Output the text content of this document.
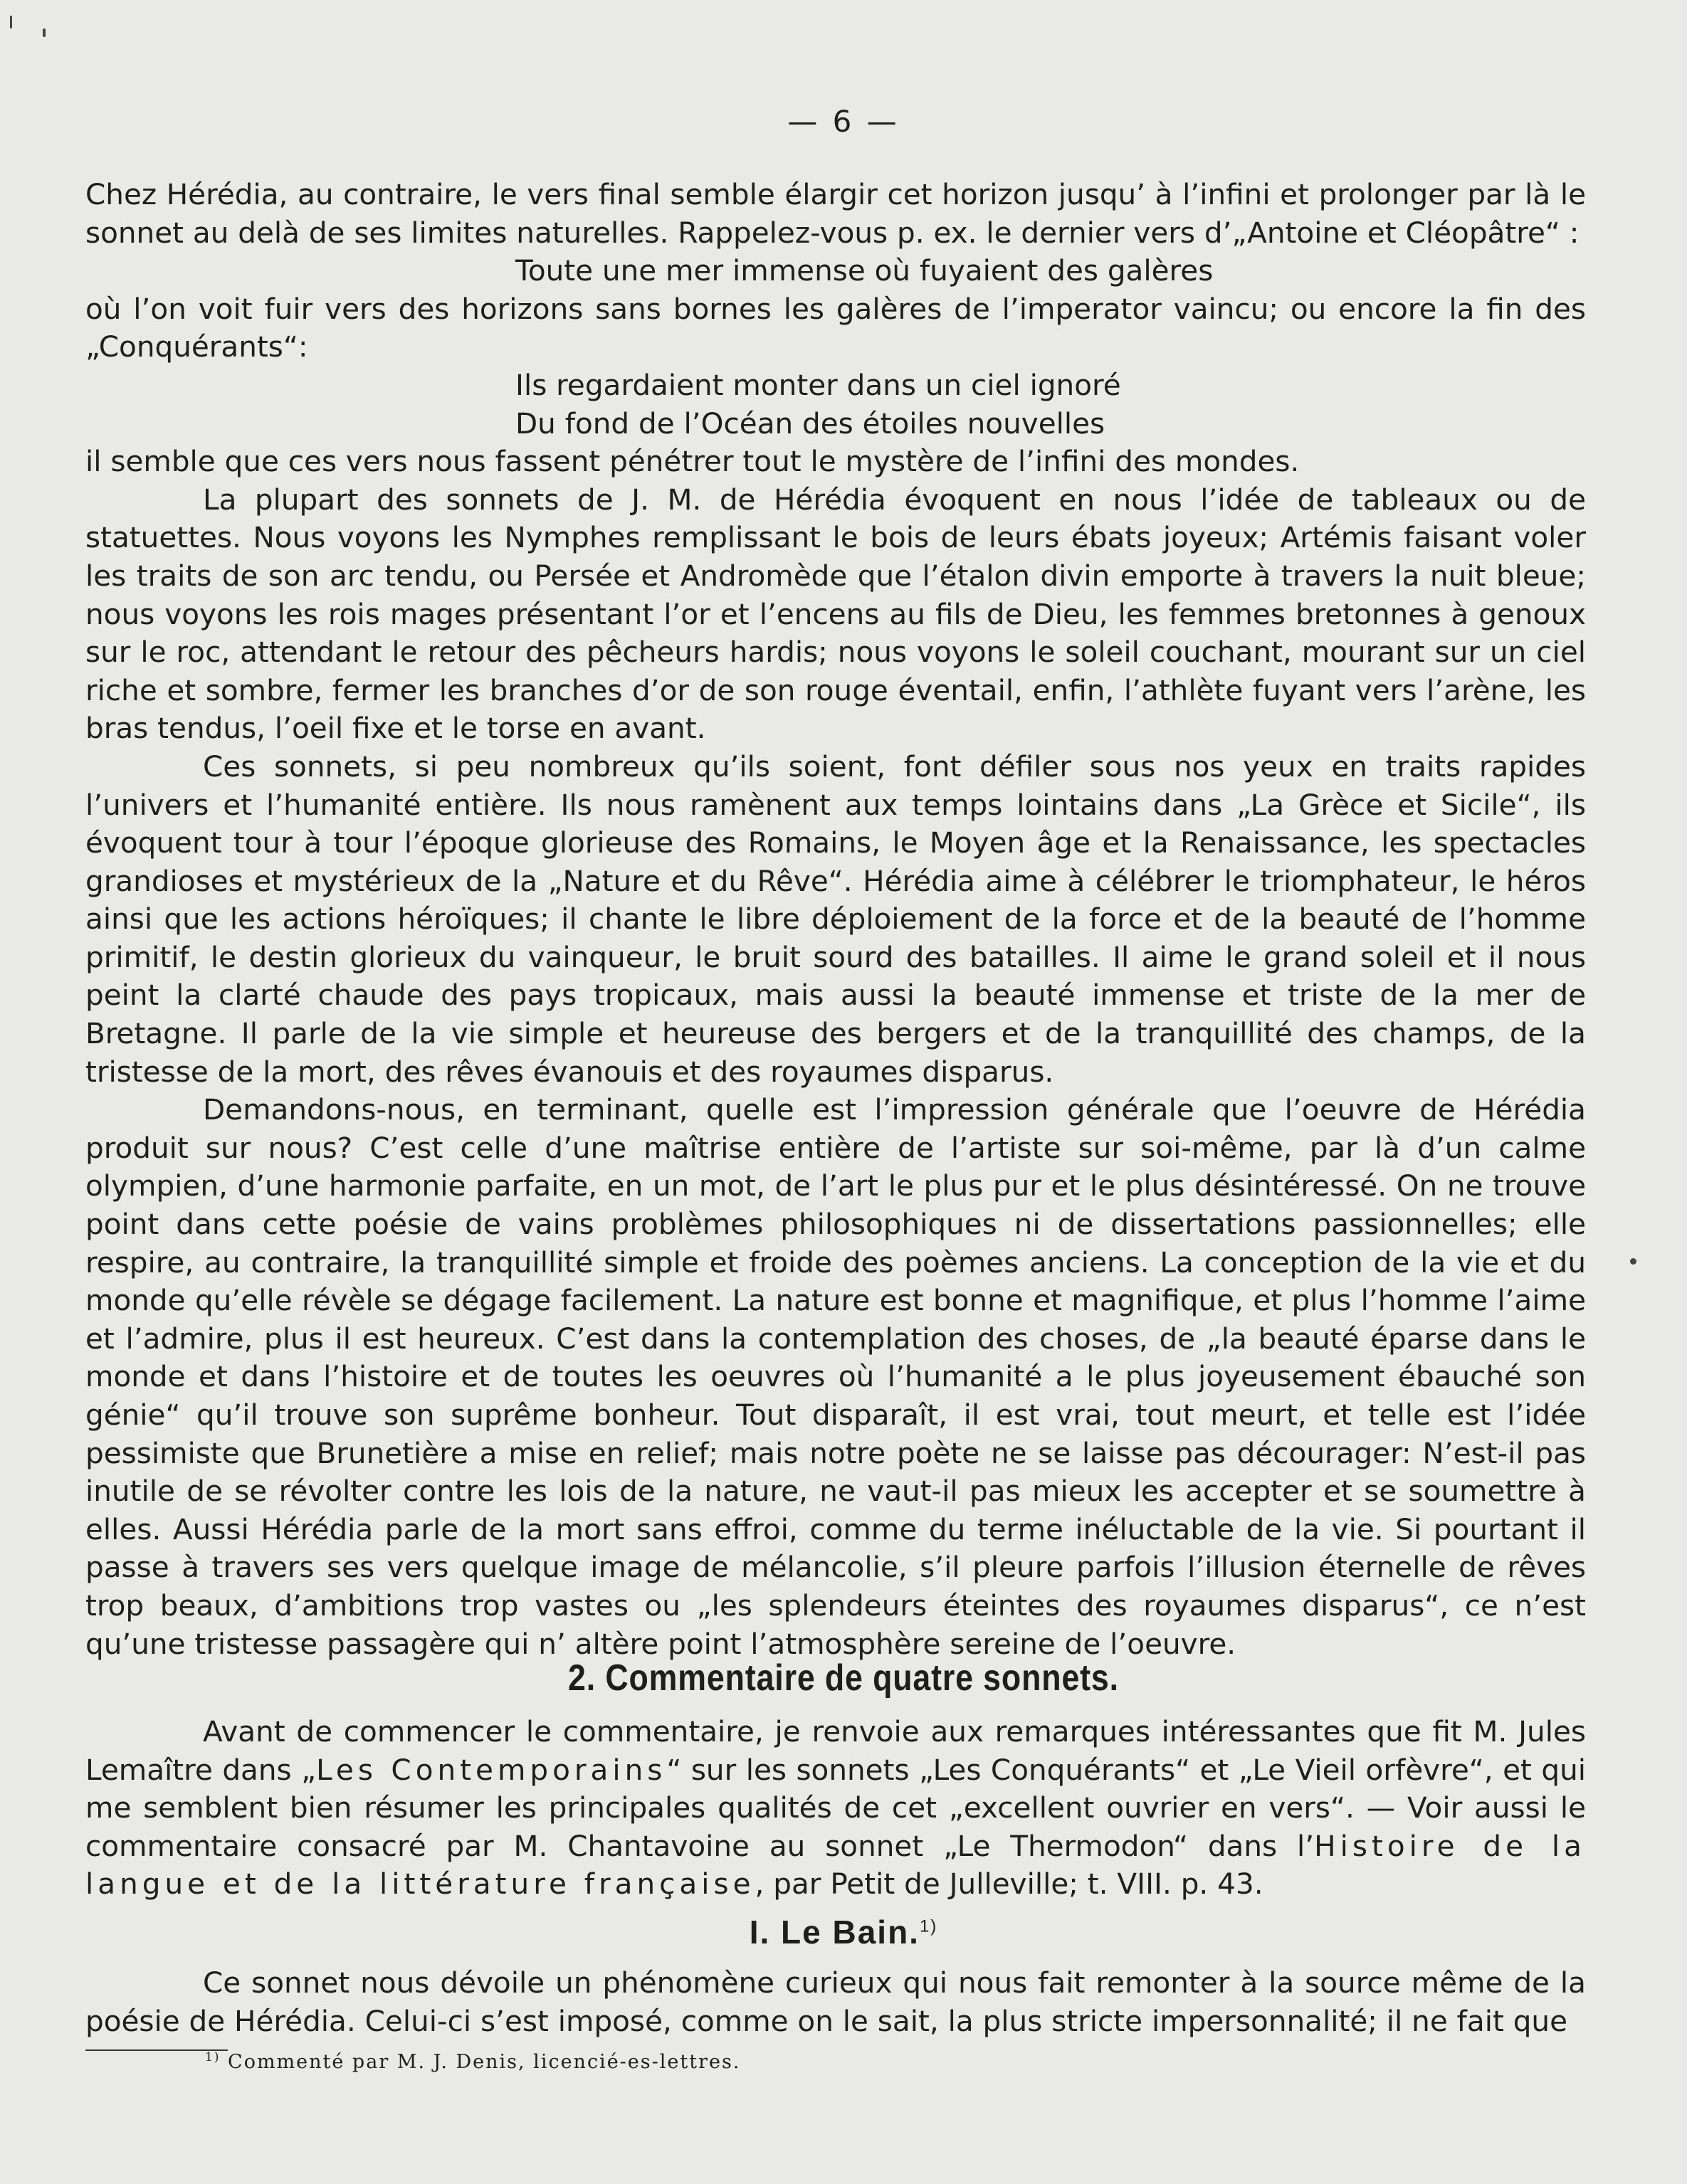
— 6 —

Chez Hérédia, au contraire, le vers final semble élargir cet horizon jusqu’ à l’infini et prolonger par là le sonnet au delà de ses limites naturelles. Rappelez-vous p. ex. le dernier vers d’„Antoine et Cléopâtre“ :

Toute une mer immense où fuyaient des galères

où l’on voit fuir vers des horizons sans bornes les galères de l’imperator vaincu; ou encore la fin des „Conquérants“:

Ils regardaient monter dans un ciel ignoré
Du fond de l’Océan des étoiles nouvelles

il semble que ces vers nous fassent pénétrer tout le mystère de l’infini des mondes.

La plupart des sonnets de J. M. de Hérédia évoquent en nous l’idée de tableaux ou de statuettes. Nous voyons les Nymphes remplissant le bois de leurs ébats joyeux; Artémis faisant voler les traits de son arc tendu, ou Persée et Andromède que l’étalon divin emporte à travers la nuit bleue; nous voyons les rois mages présentant l’or et l’encens au fils de Dieu, les femmes bretonnes à genoux sur le roc, attendant le retour des pêcheurs hardis; nous voyons le soleil couchant, mourant sur un ciel riche et sombre, fermer les branches d’or de son rouge éventail, enfin, l’athlète fuyant vers l’arène, les bras tendus, l’oeil fixe et le torse en avant.

Ces sonnets, si peu nombreux qu’ils soient, font défiler sous nos yeux en traits rapides l’univers et l’humanité entière. Ils nous ramènent aux temps lointains dans „La Grèce et Sicile“, ils évoquent tour à tour l’époque glorieuse des Romains, le Moyen âge et la Renaissance, les spectacles grandioses et mystérieux de la „Nature et du Rêve“. Hérédia aime à célébrer le triomphateur, le héros ainsi que les actions héroïques; il chante le libre déploiement de la force et de la beauté de l’homme primitif, le destin glorieux du vainqueur, le bruit sourd des batailles. Il aime le grand soleil et il nous peint la clarté chaude des pays tropicaux, mais aussi la beauté immense et triste de la mer de Bretagne. Il parle de la vie simple et heureuse des bergers et de la tranquillité des champs, de la tristesse de la mort, des rêves évanouis et des royaumes disparus.

Demandons-nous, en terminant, quelle est l’impression générale que l’oeuvre de Hérédia produit sur nous? C’est celle d’une maîtrise entière de l’artiste sur soi-même, par là d’un calme olympien, d’une harmonie parfaite, en un mot, de l’art le plus pur et le plus désintéressé. On ne trouve point dans cette poésie de vains problèmes philosophiques ni de dissertations passionnelles; elle respire, au contraire, la tranquillité simple et froide des poèmes anciens. La conception de la vie et du monde qu’elle révèle se dégage facilement. La nature est bonne et magnifique, et plus l’homme l’aime et l’admire, plus il est heureux. C’est dans la contemplation des choses, de „la beauté éparse dans le monde et dans l’histoire et de toutes les oeuvres où l’humanité a le plus joyeusement ébauché son génie“ qu’il trouve son suprême bonheur. Tout disparaît, il est vrai, tout meurt, et telle est l’idée pessimiste que Brunetière a mise en relief; mais notre poète ne se laisse pas décourager: N’est-il pas inutile de se révolter contre les lois de la nature, ne vaut-il pas mieux les accepter et se soumettre à elles. Aussi Hérédia parle de la mort sans effroi, comme du terme inéluctable de la vie. Si pourtant il passe à travers ses vers quelque image de mélancolie, s’il pleure parfois l’illusion éternelle de rêves trop beaux, d’ambitions trop vastes ou „les splendeurs éteintes des royaumes disparus“, ce n’est qu’une tristesse passagère qui n’ altère point l’atmosphère sereine de l’oeuvre.

2. Commentaire de quatre sonnets.

Avant de commencer le commentaire, je renvoie aux remarques intéressantes que fit M. Jules Lemaître dans „Les Contemporains“ sur les sonnets „Les Conquérants“ et „Le Vieil orfèvre“, et qui me semblent bien résumer les principales qualités de cet „excellent ouvrier en vers“. — Voir aussi le commentaire consacré par M. Chantavoine au sonnet „Le Thermodon“ dans l’Histoire de la langue et de la littérature française, par Petit de Julleville; t. VIII. p. 43.

I. Le Bain.$^{1)}$

Ce sonnet nous dévoile un phénomène curieux qui nous fait remonter à la source même de la poésie de Hérédia. Celui-ci s’est imposé, comme on le sait, la plus stricte impersonnalité; il ne fait que

$^{1)}$ Commenté par M. J. Denis, licencié-es-lettres.
